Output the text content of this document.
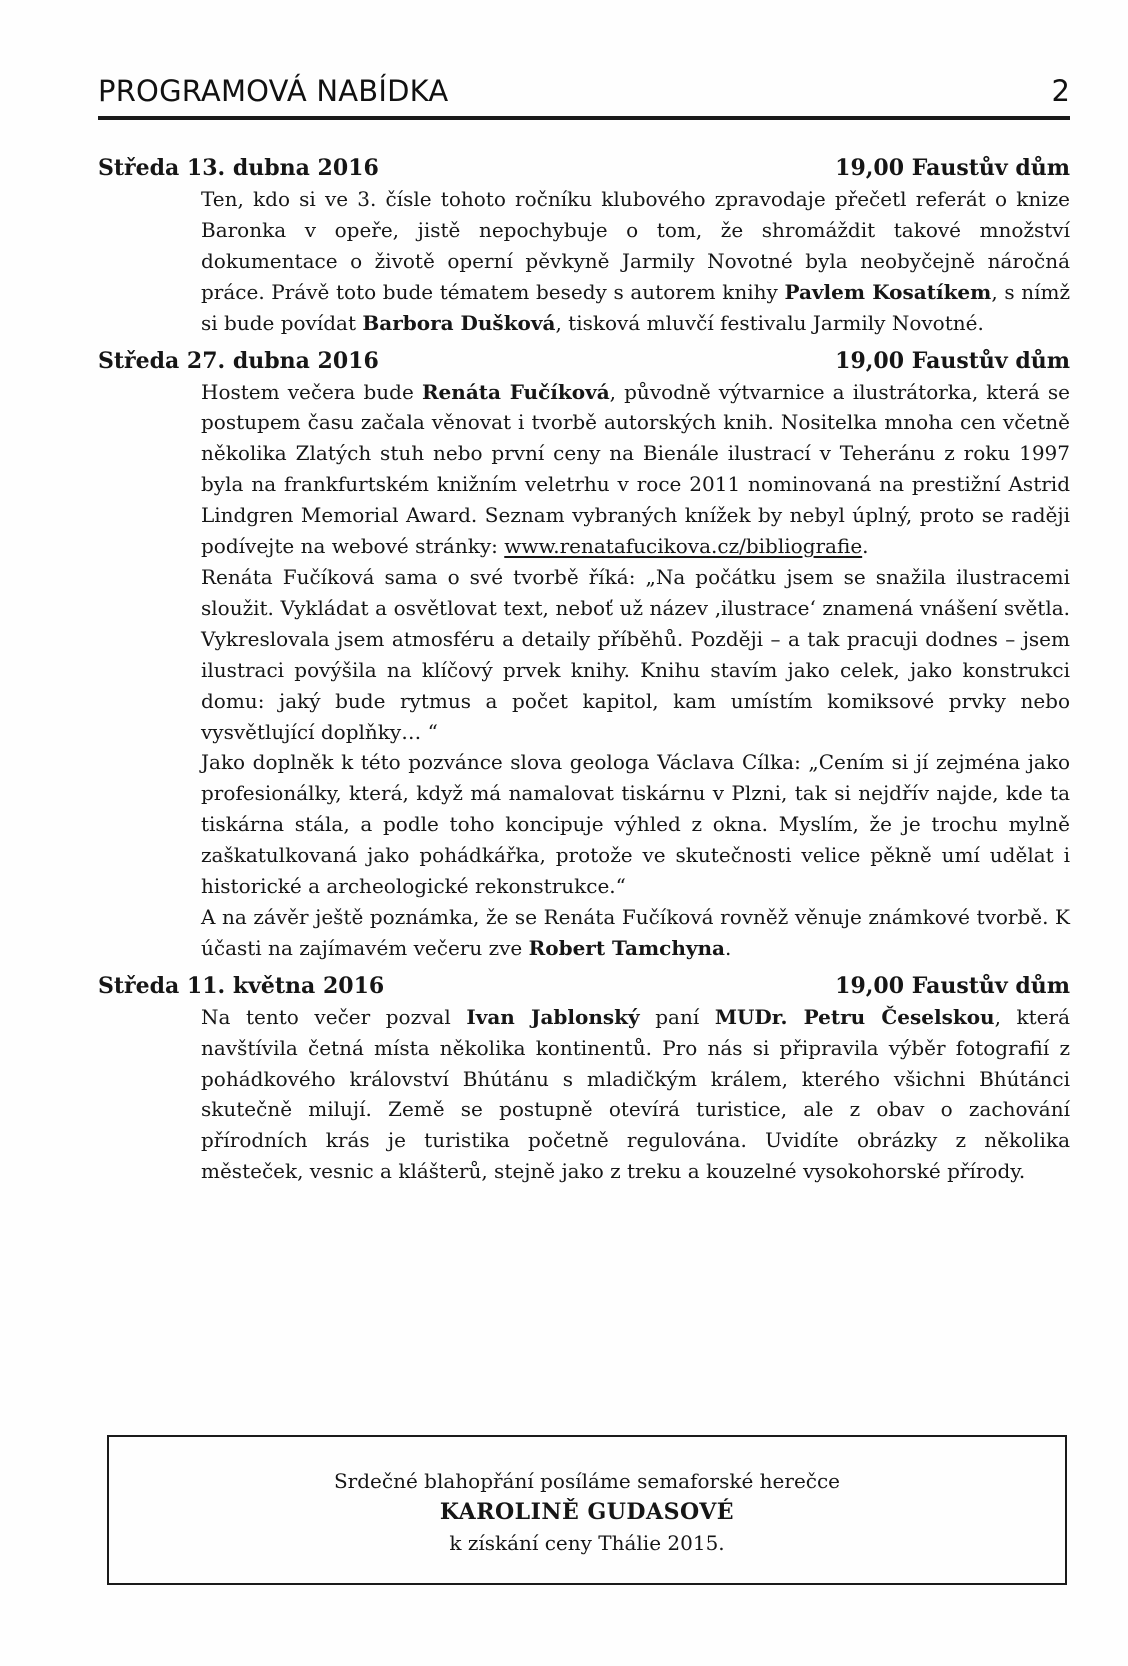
PROGRAMOVÁ NABÍDKA	2
Středa 13. dubna 2016	19,00 Faustův dům

Ten, kdo si ve 3. čísle tohoto ročníku klubového zpravodaje přečetl referát o knize Baronka v opeře, jistě nepochybuje o tom, že shromáždit takové množství dokumentace o životě operní pěvkyně Jarmily Novotné byla neobyčejně náročná práce. Právě toto bude tématem besedy s autorem knihy Pavlem Kosatíkem, s nímž si bude povídat Barbora Dušková, tisková mluvčí festivalu Jarmily Novotné.

Středa 27. dubna 2016	19,00 Faustův dům

Hostem večera bude Renáta Fučíková, původně výtvarnice a ilustrátorka, která se postupem času začala věnovat i tvorbě autorských knih. Nositelka mnoha cen včetně několika Zlatých stuh nebo první ceny na Bienále ilustrací v Teheránu z roku 1997 byla na frankfurtském knižním veletrhu v roce 2011 nominovaná na prestižní Astrid Lindgren Memorial Award. Seznam vybraných knížek by nebyl úplný, proto se raději podívejte na webové stránky: www.renatafucikova.cz/bibliografie.

Renáta Fučíková sama o své tvorbě říká: „Na počátku jsem se snažila ilustracemi sloužit. Vykládat a osvětlovat text, neboť už název ‚ilustrace‘ znamená vnášení světla. Vykreslovala jsem atmosféru a detaily příběhů. Později – a tak pracuji dodnes – jsem ilustraci povýšila na klíčový prvek knihy. Knihu stavím jako celek, jako konstrukci domu: jaký bude rytmus a počet kapitol, kam umístím komiksové prvky nebo vysvětlující doplňky… “

Jako doplněk k této pozvánce slova geologa Václava Cílka: „Cením si jí zejména jako profesionálky, která, když má namalovat tiskárnu v Plzni, tak si nejdřív najde, kde ta tiskárna stála, a podle toho koncipuje výhled z okna. Myslím, že je trochu mylně zaškatulkovaná jako pohádkářka, protože ve skutečnosti velice pěkně umí udělat i historické a archeologické rekonstrukce.“

A na závěr ještě poznámka, že se Renáta Fučíková rovněž věnuje známkové tvorbě. K účasti na zajímavém večeru zve Robert Tamchyna.

Středa 11. května 2016	19,00 Faustův dům

Na tento večer pozval Ivan Jablonský paní MUDr. Petru Česelskou, která navštívila četná místa několika kontinentů. Pro nás si připravila výběr fotografií z pohádkového království Bhútánu s mladičkým králem, kterého všichni Bhútánci skutečně milují. Země se postupně otevírá turistice, ale z obav o zachování přírodních krás je turistika početně regulována. Uvidíte obrázky z několika městeček, vesnic a klášterů, stejně jako z treku a kouzelné vysokohorské přírody.

Srdečné blahopřání posíláme semaforské herečce
KAROLINĚ GUDASOVÉ
k získání ceny Thálie 2015.
